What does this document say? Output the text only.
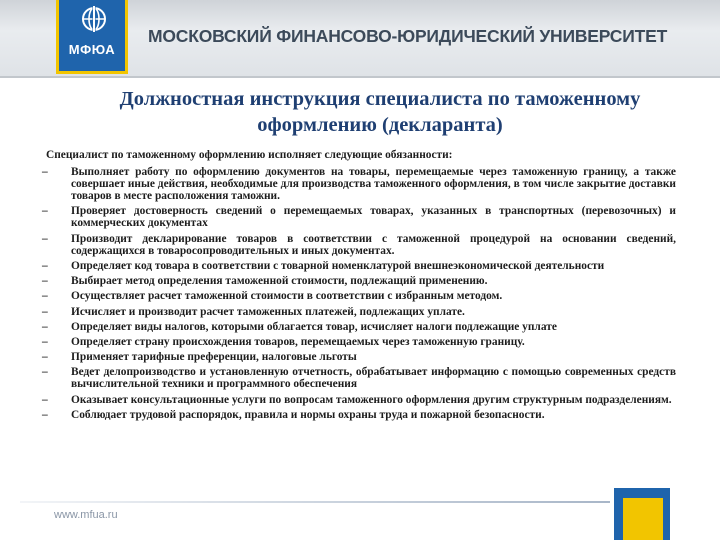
МФЮА
МОСКОВСКИЙ ФИНАНСОВО-ЮРИДИЧЕСКИЙ УНИВЕРСИТЕТ
Должностная инструкция специалиста по таможенному оформлению (декларанта)
Специалист по таможенному оформлению исполняет следующие обязанности:
–	Выполняет работу по оформлению документов на товары, перемещаемые через таможенную границу, а также совершает иные действия, необходимые для производства таможенного оформления, в том числе закрытие доставки товаров в месте расположения таможни.
–	Проверяет достоверность сведений о перемещаемых товарах, указанных в транспортных (перевозочных) и коммерческих документах
–	Производит декларирование товаров в соответствии с таможенной процедурой на основании сведений, содержащихся в товаросопроводительных и иных документах.
–	Определяет код товара в соответствии с товарной номенклатурой внешнеэкономической деятельности
–	Выбирает метод определения таможенной стоимости, подлежащий применению.
–	Осуществляет расчет таможенной стоимости в соответствии с избранным методом.
–	Исчисляет и производит расчет таможенных платежей, подлежащих уплате.
–	Определяет виды налогов, которыми облагается товар, исчисляет налоги подлежащие уплате
–	Определяет страну происхождения товаров, перемещаемых через таможенную границу.
–	Применяет тарифные преференции, налоговые льготы
–	Ведет делопроизводство и установленную отчетность, обрабатывает информацию с помощью современных средств вычислительной техники и программного обеспечения
–	Оказывает консультационные услуги по вопросам таможенного оформления другим структурным подразделениям.
–	Соблюдает трудовой распорядок, правила и нормы охраны труда и пожарной безопасности.
www.mfua.ru
